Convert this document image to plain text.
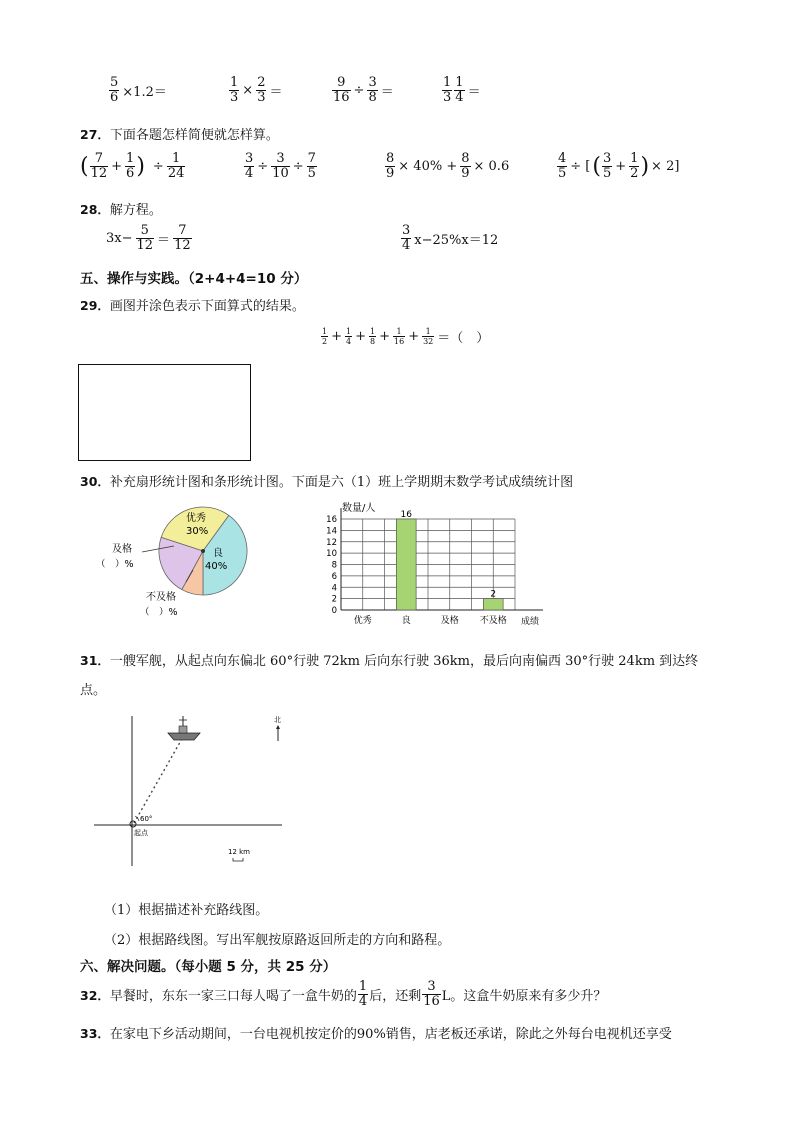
$\frac{5}{6} \times 1.2=$	$\frac{1}{3} \times \frac{2}{3}$ ＝	$\frac{9}{16} \div \frac{3}{8}$ ＝	$\frac{1}{3} \frac{1}{4}$ ＝
27．下面各题怎样简便就怎样算。
( $\frac{7}{12} + \frac{1}{6}$ ) ÷ $\frac{1}{24}$	$\frac{3}{4} \div \frac{3}{10} \div \frac{7}{5}$	$\frac{8}{9} \times 40\% + \frac{8}{9} \times 0.6$	$\frac{4}{5}$ ÷ [ ( $\frac{3}{5} + \frac{1}{2}$ ) × 2]
28．解方程。
$3x- \frac{5}{12} = \frac{7}{12}$	$\frac{3}{4} x-25\%x=12$
五、操作与实践。（2+4+4=10 分）
29．画图并涂色表示下面算式的结果。
$\frac{1}{2} + \frac{1}{4} + \frac{1}{8} + \frac{1}{16} + \frac{1}{32}$ ＝（　）
30．补充扇形统计图和条形统计图。下面是六（1）班上学期期末数学考试成绩统计图
优秀
30%
良
40%
及格
（　）%
不及格
（　）%
16
2
0
2
4
6
8
10
12
14
16
优秀	良	及格 不及格
数量/人
成绩
31．一艘军舰，从起点向东偏北 60°行驶 72km 后向东行驶 36km，最后向南偏西 30°行驶 24km 到达终
点。
起点
60°
北
12 km
（1）根据描述补充路线图。
（2）根据路线图。写出军舰按原路返回所走的方向和路程。
六、解决问题。（每小题 5 分，共 25 分）
32． 早餐时，东东一家三口每人喝了一盒牛奶的 $\frac{1}{4}$ 后，还剩 $\frac{3}{16}$ L。这盒牛奶原来有多少升？
33．在家电下乡活动期间，一台电视机按定价的90%销售，店老板还承诺，除此之外每台电视机还享受
